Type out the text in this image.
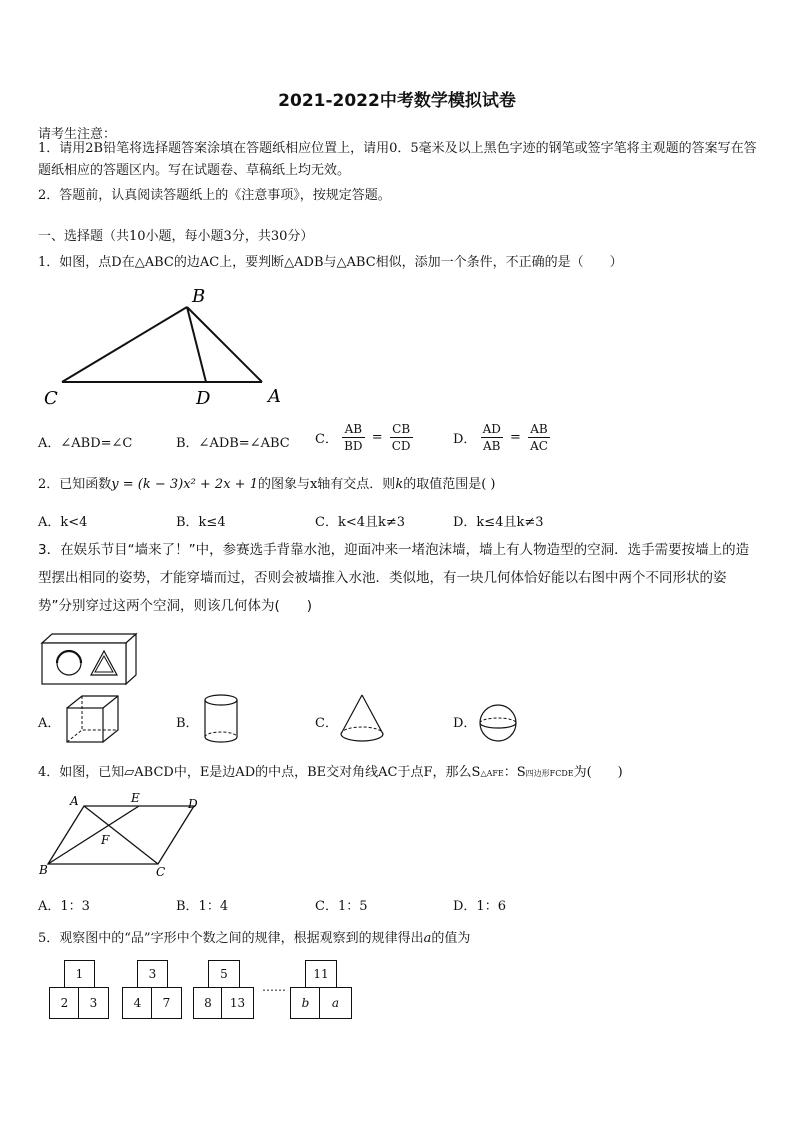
2021-2022中考数学模拟试卷
请考生注意：
1．请用2B铅笔将选择题答案涂填在答题纸相应位置上，请用0．5毫米及以上黑色字迹的钢笔或签字笔将主观题的答案写在答题纸相应的答题区内。写在试题卷、草稿纸上均无效。
2．答题前，认真阅读答题纸上的《注意事项》，按规定答题。
一、选择题（共10小题，每小题3分，共30分）
1．如图，点D在△ABC的边AC上，要判断△ADB与△ABC相似，添加一个条件，不正确的是（　　）
B
C	D	A
A．∠ABD=∠C	B．∠ADB=∠ABC C． $\frac{AB}{BD} = \frac{CB}{CD}$	D． $\frac{AD}{AB} = \frac{AB}{AC}$
2．已知函数y = (k − 3)x² + 2x + 1的图象与x轴有交点．则k的取值范围是( )
A．k<4	B．k≤4	C．k<4且k≠3	D．k≤4且k≠3
3．在娱乐节目“墙来了！”中，参赛选手背靠水池，迎面冲来一堵泡沫墙，墙上有人物造型的空洞．选手需要按墙上的造型摆出相同的姿势，才能穿墙而过，否则会被墙推入水池．类似地，有一块几何体恰好能以右图中两个不同形状的姿势”分别穿过这两个空洞，则该几何体为(　　)
A．	B．	C．	D．
4．如图，已知▱ABCD中，E是边AD的中点，BE交对角线AC于点F，那么S△AFE：S四边形FCDE为(　　)
A	E	D
F
B	C
A．1：3	B．1：4	C．1：5	D．1：6
5．观察图中的“品”字形中个数之间的规律，根据观察到的规律得出a的值为
1
2	3
3
4	7
5
8	13
……
11
b	a
